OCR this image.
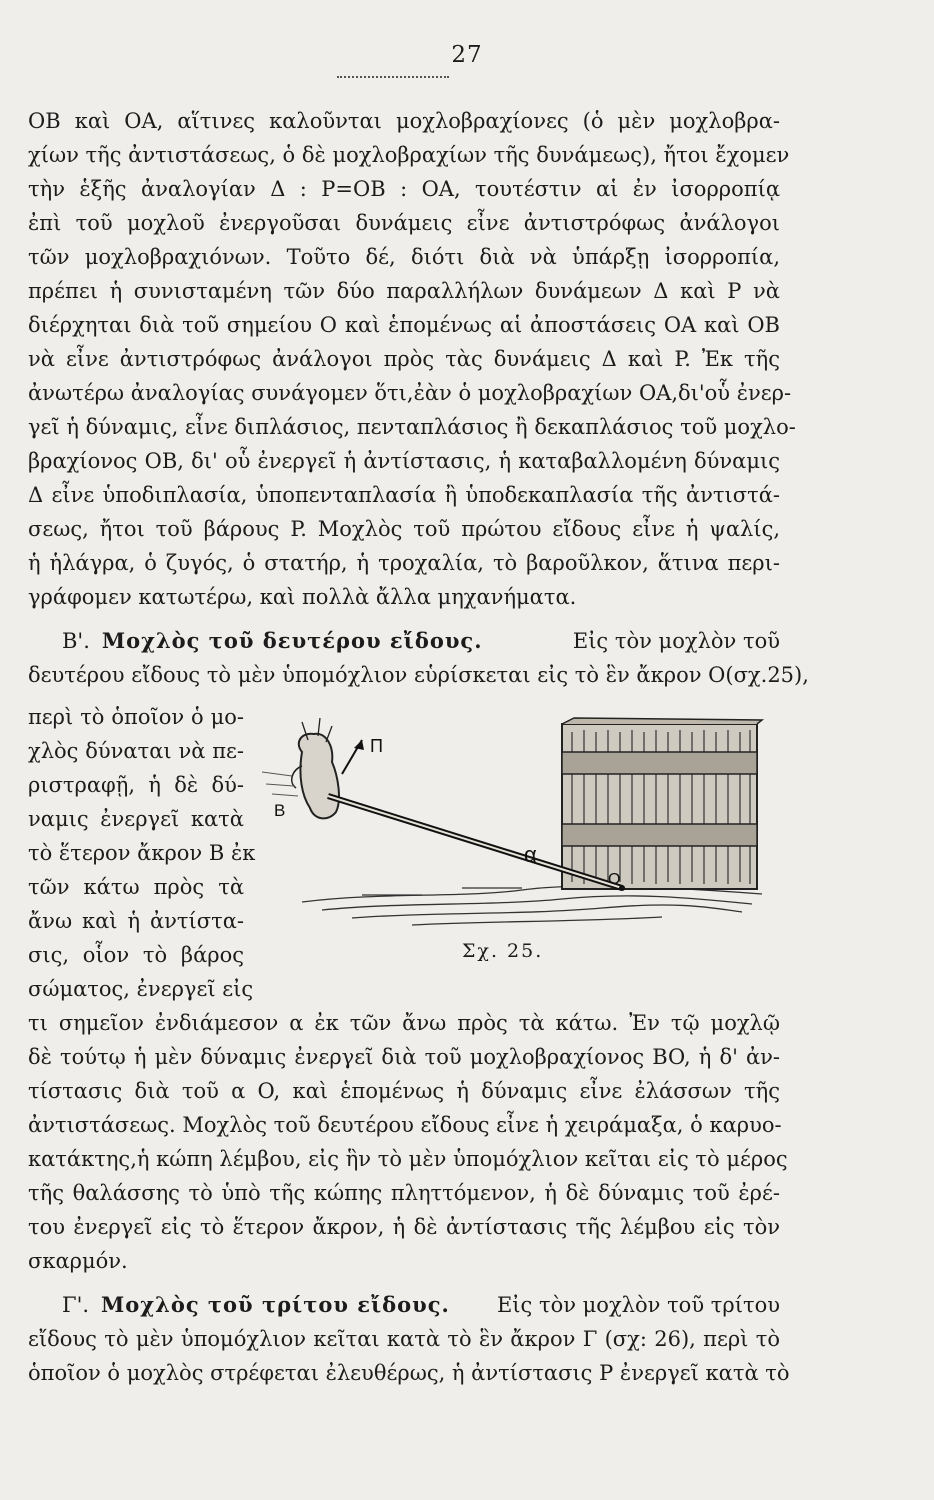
27
OB καὶ OA, αἵτινες καλοῦνται μοχλοβραχίονες (ὁ μὲν μοχλοβρα-
χίων τῆς ἀντιστάσεως, ὁ δὲ μοχλοβραχίων τῆς δυνάμεως), ἤτοι ἔχομεν
τὴν ἑξῆς ἀναλογίαν Δ : P=OB : OA, τουτέστιν αἱ ἐν ἰσορροπίᾳ
ἐπὶ τοῦ μοχλοῦ ἐνεργοῦσαι δυνάμεις εἶνε ἀντιστρόφως ἀνάλογοι
τῶν μοχλοβραχιόνων. Τοῦτο δέ, διότι διὰ νὰ ὑπάρξῃ ἰσορροπία,
πρέπει ἡ συνισταμένη τῶν δύο παραλλήλων δυνάμεων Δ καὶ P νὰ
διέρχηται διὰ τοῦ σημείου O καὶ ἑπομένως αἱ ἀποστάσεις OA καὶ OB
νὰ εἶνε ἀντιστρόφως ἀνάλογοι πρὸς τὰς δυνάμεις Δ καὶ P. Ἐκ τῆς
ἀνωτέρω ἀναλογίας συνάγομεν ὅτι,ἐὰν ὁ μοχλοβραχίων OA,δι'οὗ ἐνερ-
γεῖ ἡ δύναμις, εἶνε διπλάσιος, πενταπλάσιος ἢ δεκαπλάσιος τοῦ μοχλο-
βραχίονος OB, δι' οὗ ἐνεργεῖ ἡ ἀντίστασις, ἡ καταβαλλομένη δύναμις
Δ εἶνε ὑποδιπλασία, ὑποπενταπλασία ἢ ὑποδεκαπλασία τῆς ἀντιστά-
σεως, ἤτοι τοῦ βάρους P. Μοχλὸς τοῦ πρώτου εἴδους εἶνε ἡ ψαλίς,
ἡ ἡλάγρα, ὁ ζυγός, ὁ στατήρ, ἡ τροχαλία, τὸ βαροῦλκον, ἅτινα περι-
γράφομεν κατωτέρω, καὶ πολλὰ ἄλλα μηχανήματα.
Β'. Μοχλὸς τοῦ δευτέρου εἴδους.	Εἰς τὸν μοχλὸν τοῦ
δευτέρου εἴδους τὸ μὲν ὑπομόχλιον εὑρίσκεται εἰς τὸ ἓν ἄκρον O(σχ.25),
περὶ τὸ ὁποῖον ὁ μο-
χλὸς δύναται νὰ πε-
ριστραφῇ, ἡ δὲ δύ-
ναμις ἐνεργεῖ κατὰ
τὸ ἕτερον ἄκρον B ἐκ
τῶν κάτω πρὸς τὰ
ἄνω καὶ ἡ ἀντίστα-
σις, οἷον τὸ βάρος
σώματος, ἐνεργεῖ εἰς
Π
B
α
O
Σχ. 25.
τι σημεῖον ἐνδιάμεσον α ἐκ τῶν ἄνω πρὸς τὰ κάτω. Ἐν τῷ μοχλῷ
δὲ τούτῳ ἡ μὲν δύναμις ἐνεργεῖ διὰ τοῦ μοχλοβραχίονος BO, ἡ δ' ἀν-
τίστασις διὰ τοῦ α O, καὶ ἑπομένως ἡ δύναμις εἶνε ἐλάσσων τῆς
ἀντιστάσεως. Μοχλὸς τοῦ δευτέρου εἴδους εἶνε ἡ χειράμαξα, ὁ καρυο-
κατάκτης,ἡ κώπη λέμβου, εἰς ἣν τὸ μὲν ὑπομόχλιον κεῖται εἰς τὸ μέρος
τῆς θαλάσσης τὸ ὑπὸ τῆς κώπης πληττόμενον, ἡ δὲ δύναμις τοῦ ἐρέ-
του ἐνεργεῖ εἰς τὸ ἕτερον ἄκρον, ἡ δὲ ἀντίστασις τῆς λέμβου εἰς τὸν
σκαρμόν.
Γ'. Μοχλὸς τοῦ τρίτου εἴδους. Εἰς τὸν μοχλὸν τοῦ τρίτου
εἴδους τὸ μὲν ὑπομόχλιον κεῖται κατὰ τὸ ἓν ἄκρον Γ (σχ: 26), περὶ τὸ
ὁποῖον ὁ μοχλὸς στρέφεται ἐλευθέρως, ἡ ἀντίστασις P ἐνεργεῖ κατὰ τὸ
